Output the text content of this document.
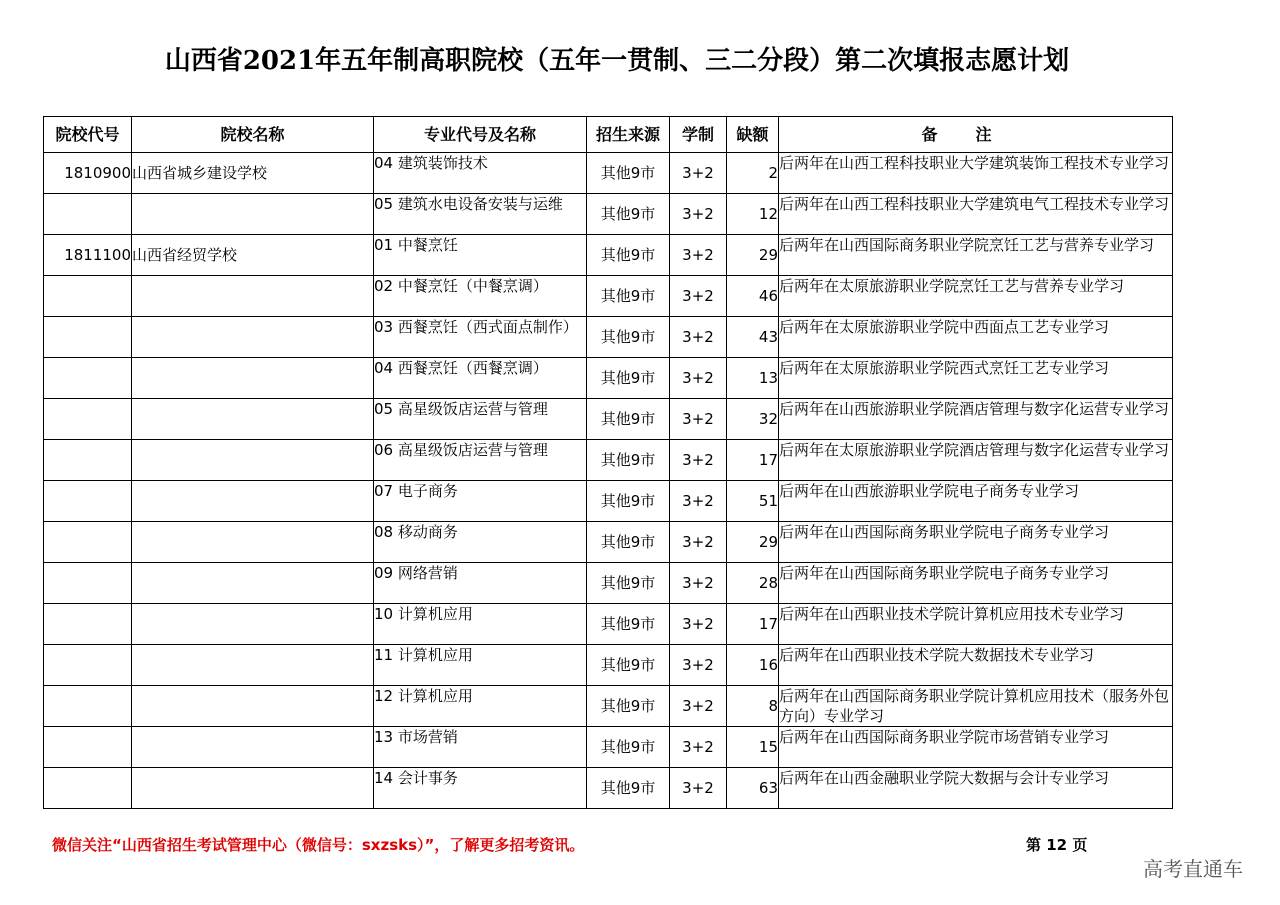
山西省2021年五年制高职院校（五年一贯制、三二分段）第二次填报志愿计划
院校代号	院校名称	专业代号及名称	招生来源	学制	缺额	备注
1810900	山西省城乡建设学校	04 建筑装饰技术	其他9市	3+2	2	后两年在山西工程科技职业大学建筑装饰工程技术专业学习
		05 建筑水电设备安装与运维	其他9市	3+2	12	后两年在山西工程科技职业大学建筑电气工程技术专业学习
1811100	山西省经贸学校	01 中餐烹饪	其他9市	3+2	29	后两年在山西国际商务职业学院烹饪工艺与营养专业学习
		02 中餐烹饪（中餐烹调）	其他9市	3+2	46	后两年在太原旅游职业学院烹饪工艺与营养专业学习
		03 西餐烹饪（西式面点制作）	其他9市	3+2	43	后两年在太原旅游职业学院中西面点工艺专业学习
		04 西餐烹饪（西餐烹调）	其他9市	3+2	13	后两年在太原旅游职业学院西式烹饪工艺专业学习
		05 高星级饭店运营与管理	其他9市	3+2	32	后两年在山西旅游职业学院酒店管理与数字化运营专业学习
		06 高星级饭店运营与管理	其他9市	3+2	17	后两年在太原旅游职业学院酒店管理与数字化运营专业学习
		07 电子商务	其他9市	3+2	51	后两年在山西旅游职业学院电子商务专业学习
		08 移动商务	其他9市	3+2	29	后两年在山西国际商务职业学院电子商务专业学习
		09 网络营销	其他9市	3+2	28	后两年在山西国际商务职业学院电子商务专业学习
		10 计算机应用	其他9市	3+2	17	后两年在山西职业技术学院计算机应用技术专业学习
		11 计算机应用	其他9市	3+2	16	后两年在山西职业技术学院大数据技术专业学习
		12 计算机应用	其他9市	3+2	8	后两年在山西国际商务职业学院计算机应用技术（服务外包方向）专业学习
		13 市场营销	其他9市	3+2	15	后两年在山西国际商务职业学院市场营销专业学习
		14 会计事务	其他9市	3+2	63	后两年在山西金融职业学院大数据与会计专业学习
微信关注“山西省招生考试管理中心（微信号：sxzsks）”，了解更多招考资讯。	第 12 页
高考直通车
